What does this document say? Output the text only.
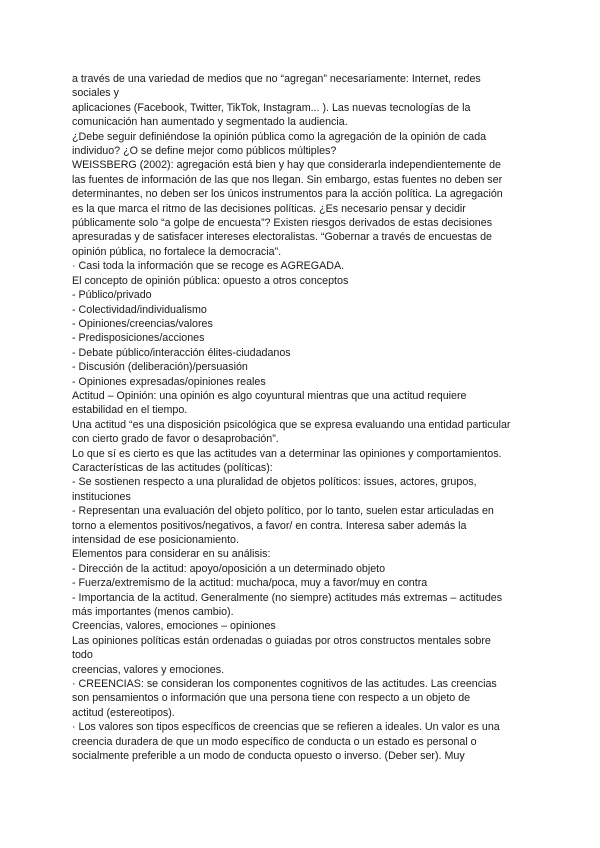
a través de una variedad de medios que no “agregan” necesariamente: Internet, redes
sociales y
aplicaciones (Facebook, Twitter, TikTok, Instagram... ). Las nuevas tecnologías de la
comunicación han aumentado y segmentado la audiencia.
¿Debe seguir definiéndose la opinión pública como la agregación de la opinión de cada
individuo? ¿O se define mejor como públicos múltiples?
WEISSBERG (2002): agregación está bien y hay que considerarla independientemente de
las fuentes de información de las que nos llegan. Sin embargo, estas fuentes no deben ser
determinantes, no deben ser los únicos instrumentos para la acción política. La agregación
es la que marca el ritmo de las decisiones políticas. ¿Es necesario pensar y decidir
públicamente solo “a golpe de encuesta”? Existen riesgos derivados de estas decisiones
apresuradas y de satisfacer intereses electoralistas. “Gobernar a través de encuestas de
opinión pública, no fortalece la democracia”.
· Casi toda la información que se recoge es AGREGADA.
El concepto de opinión pública: opuesto a otros conceptos
- Público/privado
- Colectividad/individualismo
- Opiniones/creencias/valores
- Predisposiciones/acciones
- Debate público/interacción élites-ciudadanos
- Discusión (deliberación)/persuasión
- Opiniones expresadas/opiniones reales
Actitud – Opinión: una opinión es algo coyuntural mientras que una actitud requiere
estabilidad en el tiempo.
Una actitud “es una disposición psicológica que se expresa evaluando una entidad particular
con cierto grado de favor o desaprobación”.
Lo que sí es cierto es que las actitudes van a determinar las opiniones y comportamientos.
Características de las actitudes (políticas):
- Se sostienen respecto a una pluralidad de objetos políticos: issues, actores, grupos,
instituciones
- Representan una evaluación del objeto político, por lo tanto, suelen estar articuladas en
torno a elementos positivos/negativos, a favor/ en contra. Interesa saber además la
intensidad de ese posicionamiento.
Elementos para considerar en su análisis:
- Dirección de la actitud: apoyo/oposición a un determinado objeto
- Fuerza/extremismo de la actitud: mucha/poca, muy a favor/muy en contra
- Importancia de la actitud. Generalmente (no siempre) actitudes más extremas – actitudes
más importantes (menos cambio).
Creencias, valores, emociones – opiniones
Las opiniones políticas están ordenadas o guiadas por otros constructos mentales sobre
todo
creencias, valores y emociones.
· CREENCIAS: se consideran los componentes cognitivos de las actitudes. Las creencias
son pensamientos o información que una persona tiene con respecto a un objeto de
actitud (estereotipos).
· Los valores son tipos específicos de creencias que se refieren a ideales. Un valor es una
creencia duradera de que un modo específico de conducta o un estado es personal o
socialmente preferible a un modo de conducta opuesto o inverso. (Deber ser). Muy
